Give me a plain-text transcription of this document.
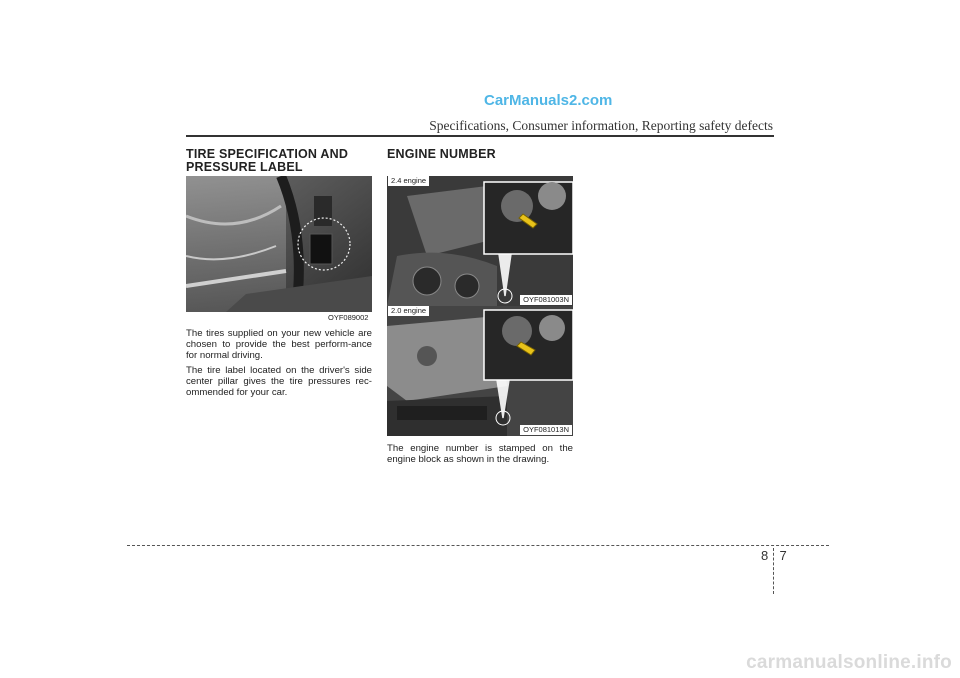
CarManuals2.com
Specifications, Consumer information, Reporting safety defects
TIRE SPECIFICATION AND
PRESSURE LABEL
OYF089002

The tires supplied on your new vehicle are chosen to provide the best perform-ance for normal driving.

The tire label located on the driver's side center pillar gives the tire pressures rec-ommended for your car.

ENGINE NUMBER
2.4 engine
OYF081003N
2.0 engine
OYF081013N

The engine number is stamped on the engine block as shown in the drawing.

8 7
carmanualsonline.info
